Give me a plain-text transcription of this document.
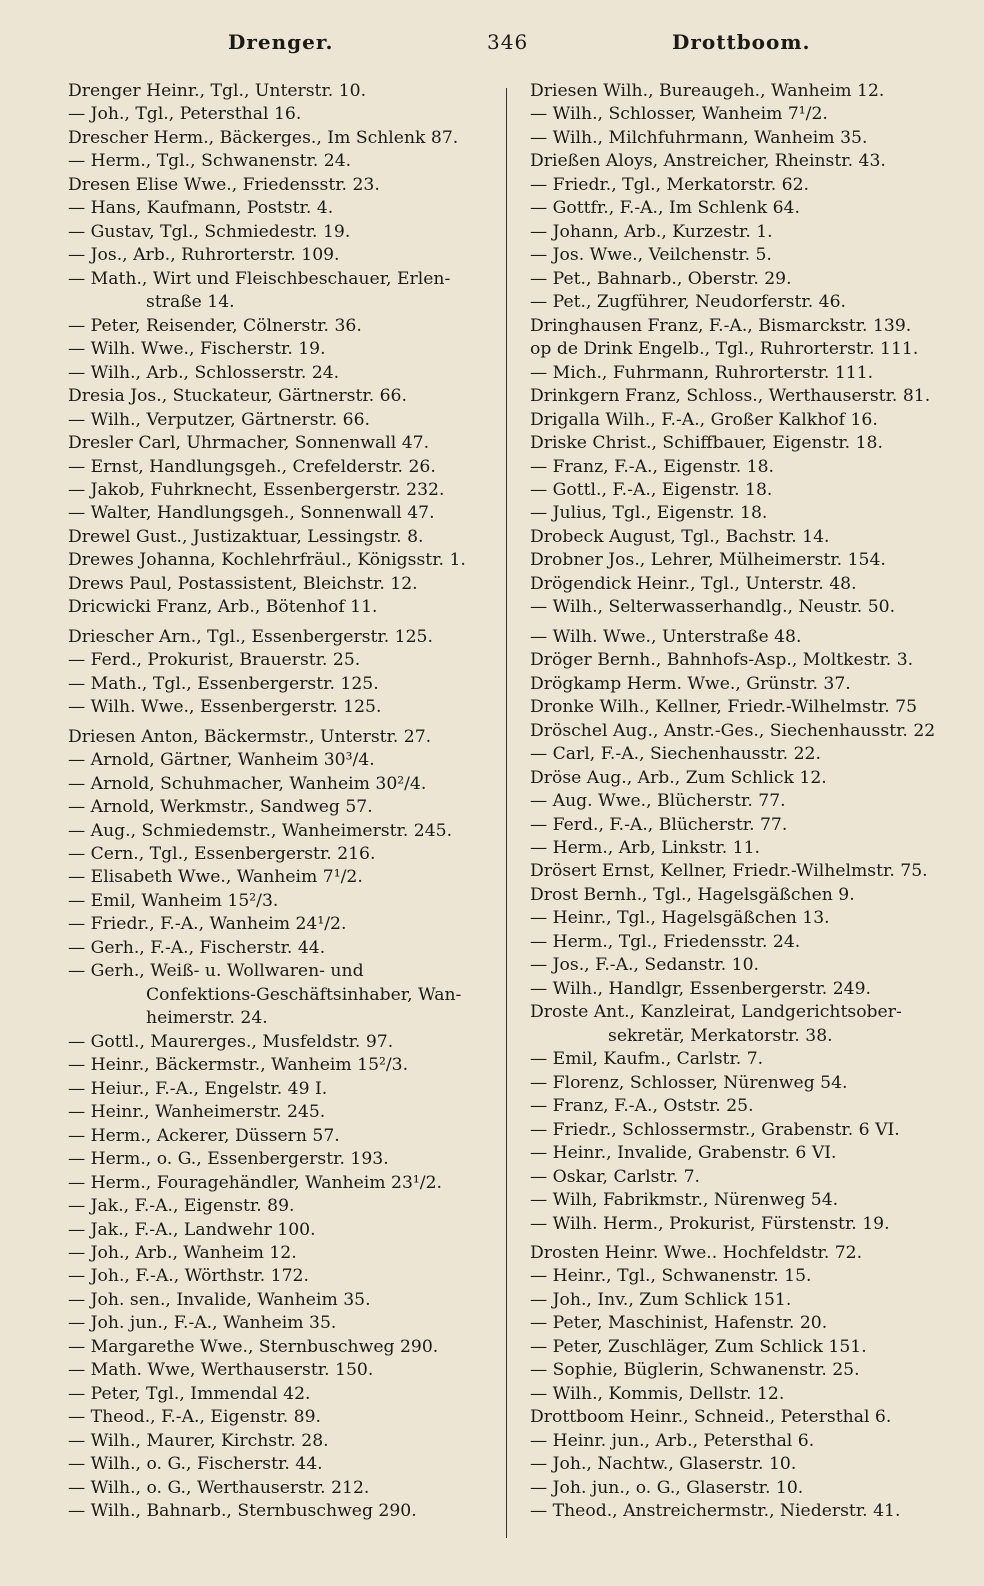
Drenger.	346	Drottboom.
Drenger Heinr., Tgl., Unterstr. 10.
— Joh., Tgl., Petersthal 16.
Drescher Herm., Bäckerges., Im Schlenk 87.
— Herm., Tgl., Schwanenstr. 24.
Dresen Elise Wwe., Friedensstr. 23.
— Hans, Kaufmann, Poststr. 4.
— Gustav, Tgl., Schmiedestr. 19.
— Jos., Arb., Ruhrorterstr. 109.
— Math., Wirt und Fleischbeschauer, Erlen-
straße 14.
— Peter, Reisender, Cölnerstr. 36.
— Wilh. Wwe., Fischerstr. 19.
— Wilh., Arb., Schlosserstr. 24.
Dresia Jos., Stuckateur, Gärtnerstr. 66.
— Wilh., Verputzer, Gärtnerstr. 66.
Dresler Carl, Uhrmacher, Sonnenwall 47.
— Ernst, Handlungsgeh., Crefelderstr. 26.
— Jakob, Fuhrknecht, Essenbergerstr. 232.
— Walter, Handlungsgeh., Sonnenwall 47.
Drewel Gust., Justizaktuar, Lessingstr. 8.
Drewes Johanna, Kochlehrfräul., Königsstr. 1.
Drews Paul, Postassistent, Bleichstr. 12.
Dricwicki Franz, Arb., Bötenhof 11.
Driescher Arn., Tgl., Essenbergerstr. 125.
— Ferd., Prokurist, Brauerstr. 25.
— Math., Tgl., Essenbergerstr. 125.
— Wilh. Wwe., Essenbergerstr. 125.
Driesen Anton, Bäckermstr., Unterstr. 27.
— Arnold, Gärtner, Wanheim 30³/4.
— Arnold, Schuhmacher, Wanheim 30²/4.
— Arnold, Werkmstr., Sandweg 57.
— Aug., Schmiedemstr., Wanheimerstr. 245.
— Cern., Tgl., Essenbergerstr. 216.
— Elisabeth Wwe., Wanheim 7¹/2.
— Emil, Wanheim 15²/3.
— Friedr., F.-A., Wanheim 24¹/2.
— Gerh., F.-A., Fischerstr. 44.
— Gerh., Weiß- u. Wollwaren- und
Confektions-Geschäftsinhaber, Wan-
heimerstr. 24.
— Gottl., Maurerges., Musfeldstr. 97.
— Heinr., Bäckermstr., Wanheim 15²/3.
— Heiur., F.-A., Engelstr. 49 I.
— Heinr., Wanheimerstr. 245.
— Herm., Ackerer, Düssern 57.
— Herm., o. G., Essenbergerstr. 193.
— Herm., Fouragehändler, Wanheim 23¹/2.
— Jak., F.-A., Eigenstr. 89.
— Jak., F.-A., Landwehr 100.
— Joh., Arb., Wanheim 12.
— Joh., F.-A., Wörthstr. 172.
— Joh. sen., Invalide, Wanheim 35.
— Joh. jun., F.-A., Wanheim 35.
— Margarethe Wwe., Sternbuschweg 290.
— Math. Wwe, Werthauserstr. 150.
— Peter, Tgl., Immendal 42.
— Theod., F.-A., Eigenstr. 89.
— Wilh., Maurer, Kirchstr. 28.
— Wilh., o. G., Fischerstr. 44.
— Wilh., o. G., Werthauserstr. 212.
— Wilh., Bahnarb., Sternbuschweg 290.
Driesen Wilh., Bureaugeh., Wanheim 12.
— Wilh., Schlosser, Wanheim 7¹/2.
— Wilh., Milchfuhrmann, Wanheim 35.
Drießen Aloys, Anstreicher, Rheinstr. 43.
— Friedr., Tgl., Merkatorstr. 62.
— Gottfr., F.-A., Im Schlenk 64.
— Johann, Arb., Kurzestr. 1.
— Jos. Wwe., Veilchenstr. 5.
— Pet., Bahnarb., Oberstr. 29.
— Pet., Zugführer, Neudorferstr. 46.
Dringhausen Franz, F.-A., Bismarckstr. 139.
op de Drink Engelb., Tgl., Ruhrorterstr. 111.
— Mich., Fuhrmann, Ruhrorterstr. 111.
Drinkgern Franz, Schloss., Werthauserstr. 81.
Drigalla Wilh., F.-A., Großer Kalkhof 16.
Driske Christ., Schiffbauer, Eigenstr. 18.
— Franz, F.-A., Eigenstr. 18.
— Gottl., F.-A., Eigenstr. 18.
— Julius, Tgl., Eigenstr. 18.
Drobeck August, Tgl., Bachstr. 14.
Drobner Jos., Lehrer, Mülheimerstr. 154.
Drögendick Heinr., Tgl., Unterstr. 48.
— Wilh., Selterwasserhandlg., Neustr. 50.
— Wilh. Wwe., Unterstraße 48.
Dröger Bernh., Bahnhofs-Asp., Moltkestr. 3.
Drögkamp Herm. Wwe., Grünstr. 37.
Dronke Wilh., Kellner, Friedr.-Wilhelmstr. 75
Dröschel Aug., Anstr.-Ges., Siechenhausstr. 22
— Carl, F.-A., Siechenhausstr. 22.
Dröse Aug., Arb., Zum Schlick 12.
— Aug. Wwe., Blücherstr. 77.
— Ferd., F.-A., Blücherstr. 77.
— Herm., Arb, Linkstr. 11.
Drösert Ernst, Kellner, Friedr.-Wilhelmstr. 75.
Drost Bernh., Tgl., Hagelsgäßchen 9.
— Heinr., Tgl., Hagelsgäßchen 13.
— Herm., Tgl., Friedensstr. 24.
— Jos., F.-A., Sedanstr. 10.
— Wilh., Handlgr, Essenbergerstr. 249.
Droste Ant., Kanzleirat, Landgerichtsober-
sekretär, Merkatorstr. 38.
— Emil, Kaufm., Carlstr. 7.
— Florenz, Schlosser, Nürenweg 54.
— Franz, F.-A., Oststr. 25.
— Friedr., Schlossermstr., Grabenstr. 6 VI.
— Heinr., Invalide, Grabenstr. 6 VI.
— Oskar, Carlstr. 7.
— Wilh, Fabrikmstr., Nürenweg 54.
— Wilh. Herm., Prokurist, Fürstenstr. 19.
Drosten Heinr. Wwe.. Hochfeldstr. 72.
— Heinr., Tgl., Schwanenstr. 15.
— Joh., Inv., Zum Schlick 151.
— Peter, Maschinist, Hafenstr. 20.
— Peter, Zuschläger, Zum Schlick 151.
— Sophie, Büglerin, Schwanenstr. 25.
— Wilh., Kommis, Dellstr. 12.
Drottboom Heinr., Schneid., Petersthal 6.
— Heinr. jun., Arb., Petersthal 6.
— Joh., Nachtw., Glaserstr. 10.
— Joh. jun., o. G., Glaserstr. 10.
— Theod., Anstreichermstr., Niederstr. 41.
